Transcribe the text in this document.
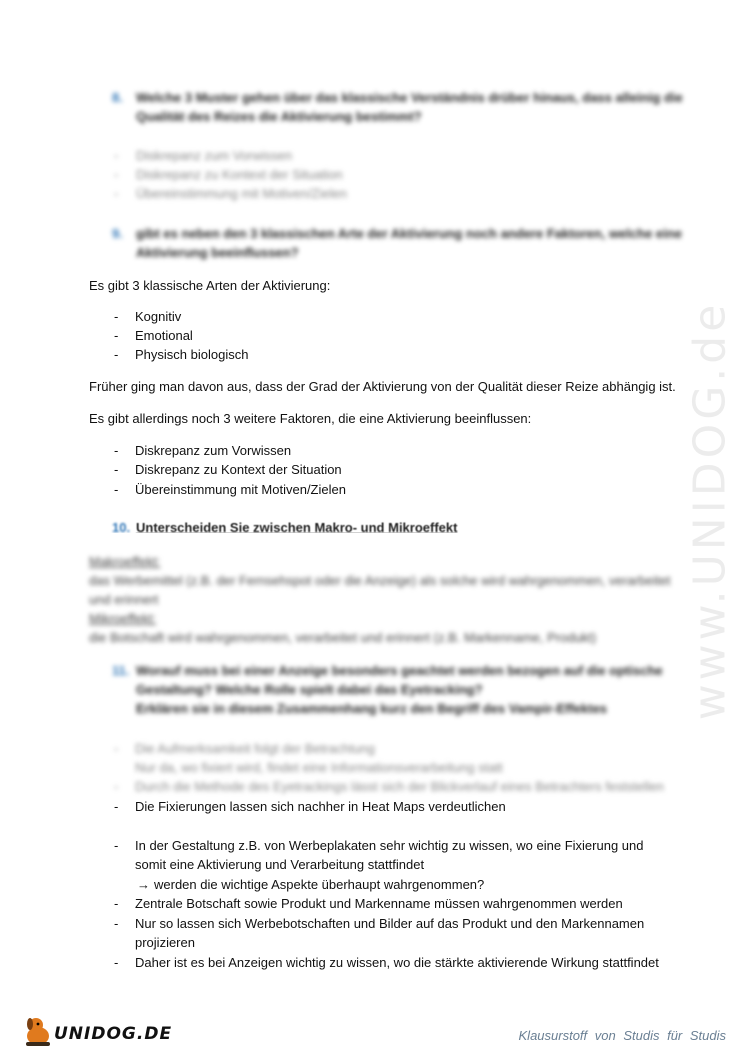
8. Welche 3 Muster gehen über das klassische Verständnis drüber hinaus, dass alleinig die
Qualität des Reizes die Aktivierung bestimmt?
- Diskrepanz zum Vorwissen
- Diskrepanz zu Kontext der Situation
- Übereinstimmung mit Motiven/Zielen
9. gibt es neben den 3 klassischen Arte der Aktivierung noch andere Faktoren, welche eine
Aktivierung beeinflussen?
Es gibt 3 klassische Arten der Aktivierung:
- Kognitiv
- Emotional
- Physisch biologisch
Früher ging man davon aus, dass der Grad der Aktivierung von der Qualität dieser Reize abhängig ist.
Es gibt allerdings noch 3 weitere Faktoren, die eine Aktivierung beeinflussen:
- Diskrepanz zum Vorwissen
- Diskrepanz zu Kontext der Situation
- Übereinstimmung mit Motiven/Zielen
10. Unterscheiden Sie zwischen Makro- und Mikroeffekt
Makroeffekt:
das Werbemittel (z.B. der Fernsehspot oder die Anzeige) als solche wird wahrgenommen, verarbeitet
und erinnert
Mikroeffekt:
die Botschaft wird wahrgenommen, verarbeitet und erinnert (z.B. Markenname, Produkt)
11. Worauf muss bei einer Anzeige besonders geachtet werden bezogen auf die optische
Gestaltung? Welche Rolle spielt dabei das Eyetracking?
Erklären sie in diesem Zusammenhang kurz den Begriff des Vampir-Effektes
- Die Aufmerksamkeit folgt der Betrachtung
Nur da, wo fixiert wird, findet eine Informationsverarbeitung statt
- Durch die Methode des Eyetrackings lässt sich der Blickverlauf eines Betrachters feststellen
- Die Fixierungen lassen sich nachher in Heat Maps verdeutlichen
- In der Gestaltung z.B. von Werbeplakaten sehr wichtig zu wissen, wo eine Fixierung und
somit eine Aktivierung und Verarbeitung stattfindet
→ werden die wichtige Aspekte überhaupt wahrgenommen?
- Zentrale Botschaft sowie Produkt und Markenname müssen wahrgenommen werden
- Nur so lassen sich Werbebotschaften und Bilder auf das Produkt und den Markennamen
projizieren
- Daher ist es bei Anzeigen wichtig zu wissen, wo die stärkte aktivierende Wirkung stattfindet
www.UNIDOG.de
UNIDOG.DE	Klausurstoff von Studis für Studis
